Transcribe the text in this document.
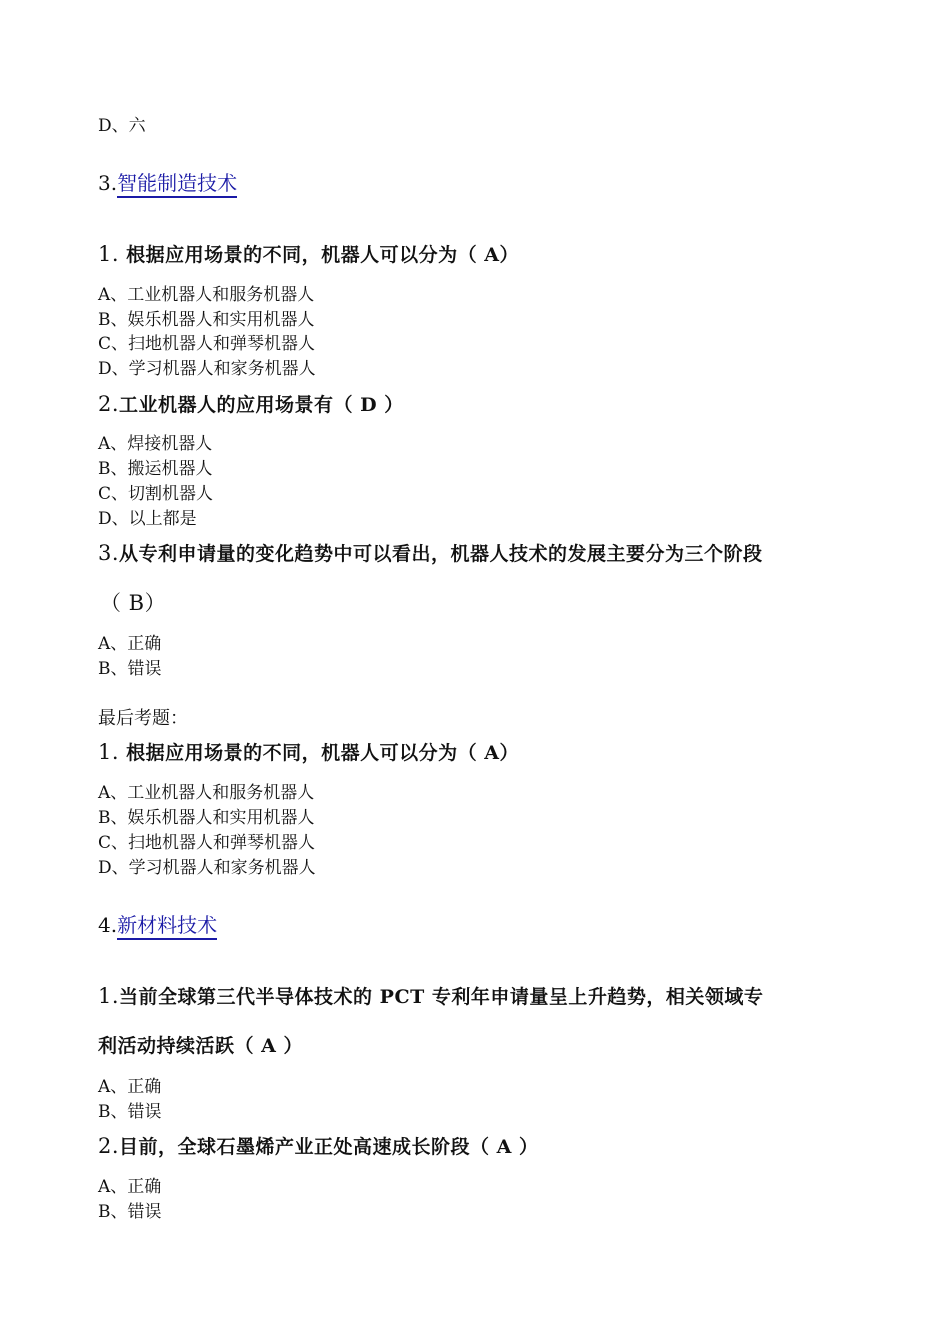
D、六
3.智能制造技术
1. 根据应用场景的不同，机器人可以分为（ A）
A、工业机器人和服务机器人
B、娱乐机器人和实用机器人
C、扫地机器人和弹琴机器人
D、学习机器人和家务机器人
2.工业机器人的应用场景有（ D ）
A、焊接机器人
B、搬运机器人
C、切割机器人
D、以上都是
3.从专利申请量的变化趋势中可以看出，机器人技术的发展主要分为三个阶段
（ B）
A、正确
B、错误
最后考题：
1. 根据应用场景的不同，机器人可以分为（ A）
A、工业机器人和服务机器人
B、娱乐机器人和实用机器人
C、扫地机器人和弹琴机器人
D、学习机器人和家务机器人
4.新材料技术
1.当前全球第三代半导体技术的 PCT 专利年申请量呈上升趋势，相关领域专
利活动持续活跃（ A ）
A、正确
B、错误
2.目前，全球石墨烯产业正处高速成长阶段（ A ）
A、正确
B、错误
